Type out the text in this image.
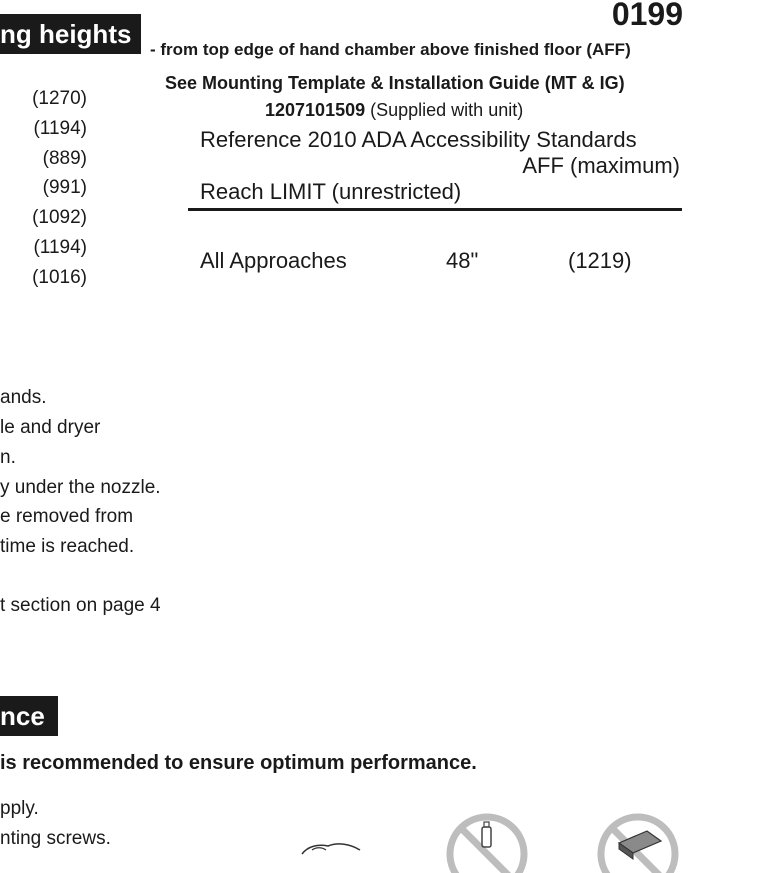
0199
ng heights
- from top edge of hand chamber above finished floor (AFF)
See Mounting Template & Installation Guide (MT & IG)
1207101509 (Supplied with unit)
(1270)
(1194)
(889)
(991)
(1092)
(1194)
(1016)
Reference 2010 ADA Accessibility Standards
AFF (maximum)
Reach LIMIT (unrestricted)
All Approaches	48"	(1219)
ands.
le and dryer
n.
y under the nozzle.
e removed from
time is reached.
t section on page 4
nce
is recommended to ensure optimum performance.
pply.
nting screws.
